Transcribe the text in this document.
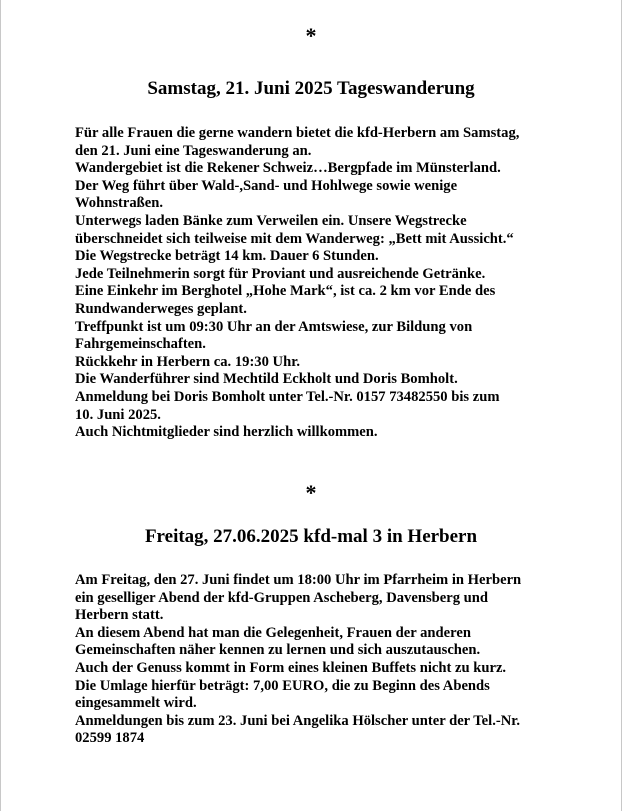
*
Samstag, 21. Juni 2025 Tageswanderung
Für alle Frauen die gerne wandern bietet die kfd-Herbern am Samstag,
den 21. Juni eine Tageswanderung an.
Wandergebiet ist die Rekener Schweiz…Bergpfade im Münsterland.
Der Weg führt über Wald-,Sand- und Hohlwege sowie wenige
Wohnstraßen.
Unterwegs laden Bänke zum Verweilen ein. Unsere Wegstrecke
überschneidet sich teilweise mit dem Wanderweg: „Bett mit Aussicht.“
Die Wegstrecke beträgt 14 km. Dauer 6 Stunden.
Jede Teilnehmerin sorgt für Proviant und ausreichende Getränke.
Eine Einkehr im Berghotel „Hohe Mark“, ist ca. 2 km vor Ende des
Rundwanderweges geplant.
Treffpunkt ist um 09:30 Uhr an der Amtswiese, zur Bildung von
Fahrgemeinschaften.
Rückkehr in Herbern ca. 19:30 Uhr.
Die Wanderführer sind Mechtild Eckholt und Doris Bomholt.
Anmeldung bei Doris Bomholt unter Tel.-Nr. 0157 73482550 bis zum
10. Juni 2025.
Auch Nichtmitglieder sind herzlich willkommen.
*
Freitag, 27.06.2025 kfd-mal 3 in Herbern
Am Freitag, den 27. Juni findet um 18:00 Uhr im Pfarrheim in Herbern
ein geselliger Abend der kfd-Gruppen Ascheberg, Davensberg und
Herbern statt.
An diesem Abend hat man die Gelegenheit, Frauen der anderen
Gemeinschaften näher kennen zu lernen und sich auszutauschen.
Auch der Genuss kommt in Form eines kleinen Buffets nicht zu kurz.
Die Umlage hierfür beträgt: 7,00 EURO, die zu Beginn des Abends
eingesammelt wird.
Anmeldungen bis zum 23. Juni bei Angelika Hölscher unter der Tel.-Nr.
02599 1874
